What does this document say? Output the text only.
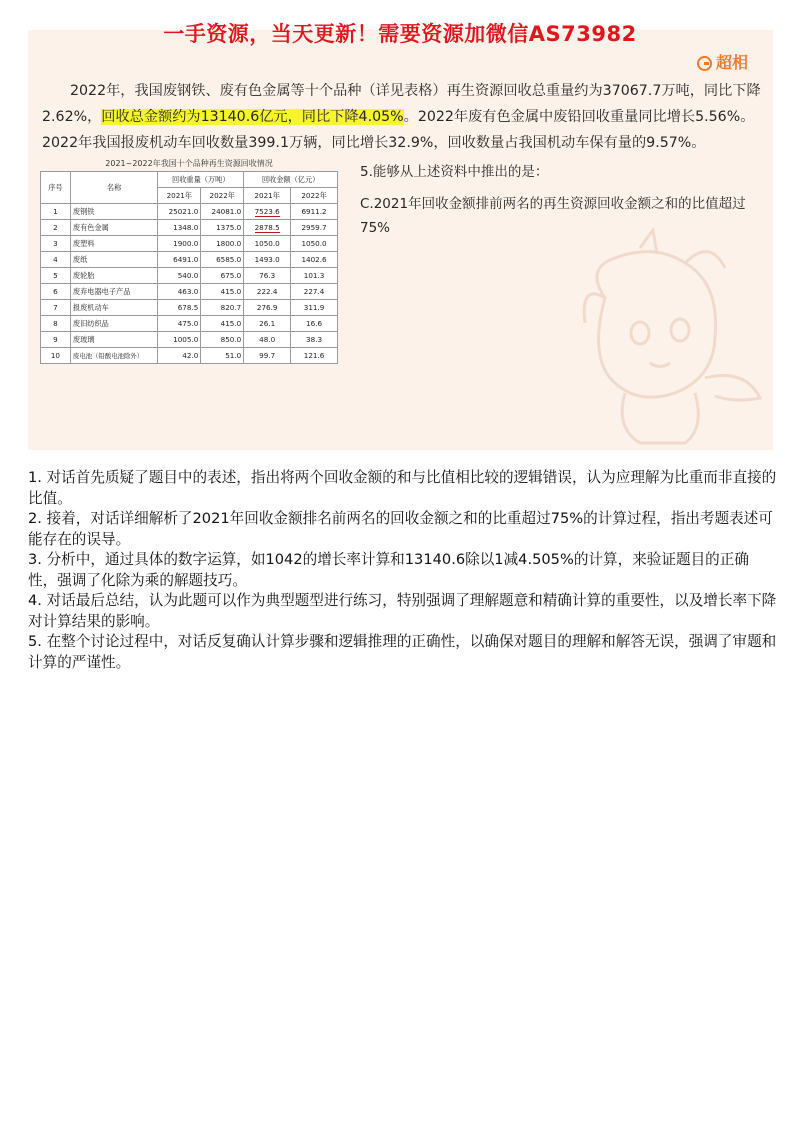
一手资源，当天更新！需要资源加微信AS73982
超相
2022年，我国废钢铁、废有色金属等十个品种（详见表格）再生资源回收总重量约为37067.7万吨，同比下降2.62%，回收总金额约为13140.6亿元，同比下降4.05%。2022年废有色金属中废铅回收重量同比增长5.56%。2022年我国报废机动车回收数量399.1万辆，同比增长32.9%，回收数量占我国机动车保有量的9.57%。
2021~2022年我国十个品种再生资源回收情况
序号	名称	回收重量（万吨）		回收金额（亿元）	
		2021年	2022年	2021年	2022年
1	废钢铁	25021.0	24081.0	7523.6	6911.2
2	废有色金属	1348.0	1375.0	2878.5	2959.7
3	废塑料	1900.0	1800.0	1050.0	1050.0
4	废纸	6491.0	6585.0	1493.0	1402.6
5	废轮胎	540.0	675.0	76.3	101.3
6	废弃电器电子产品	463.0	415.0	222.4	227.4
7	报废机动车	678.5	820.7	276.9	311.9
8	废旧纺织品	475.0	415.0	26.1	16.6
9	废玻璃	1005.0	850.0	48.0	38.3
10	废电池（铅酸电池除外）	42.0	51.0	99.7	121.6
5.能够从上述资料中推出的是：
C.2021年回收金额排前两名的再生资源回收金额之和的比值超过75%

1. 对话首先质疑了题目中的表述，指出将两个回收金额的和与比值相比较的逻辑错误，认为应理解为比重而非直接的比值。

2. 接着，对话详细解析了2021年回收金额排名前两名的回收金额之和的比重超过75%的计算过程，指出考题表述可能存在的误导。

3. 分析中，通过具体的数字运算，如1042的增长率计算和13140.6除以1减4.505%的计算，来验证题目的正确性，强调了化除为乘的解题技巧。

4. 对话最后总结，认为此题可以作为典型题型进行练习，特别强调了理解题意和精确计算的重要性，以及增长率下降对计算结果的影响。

5. 在整个讨论过程中，对话反复确认计算步骤和逻辑推理的正确性，以确保对题目的理解和解答无误，强调了审题和计算的严谨性。
